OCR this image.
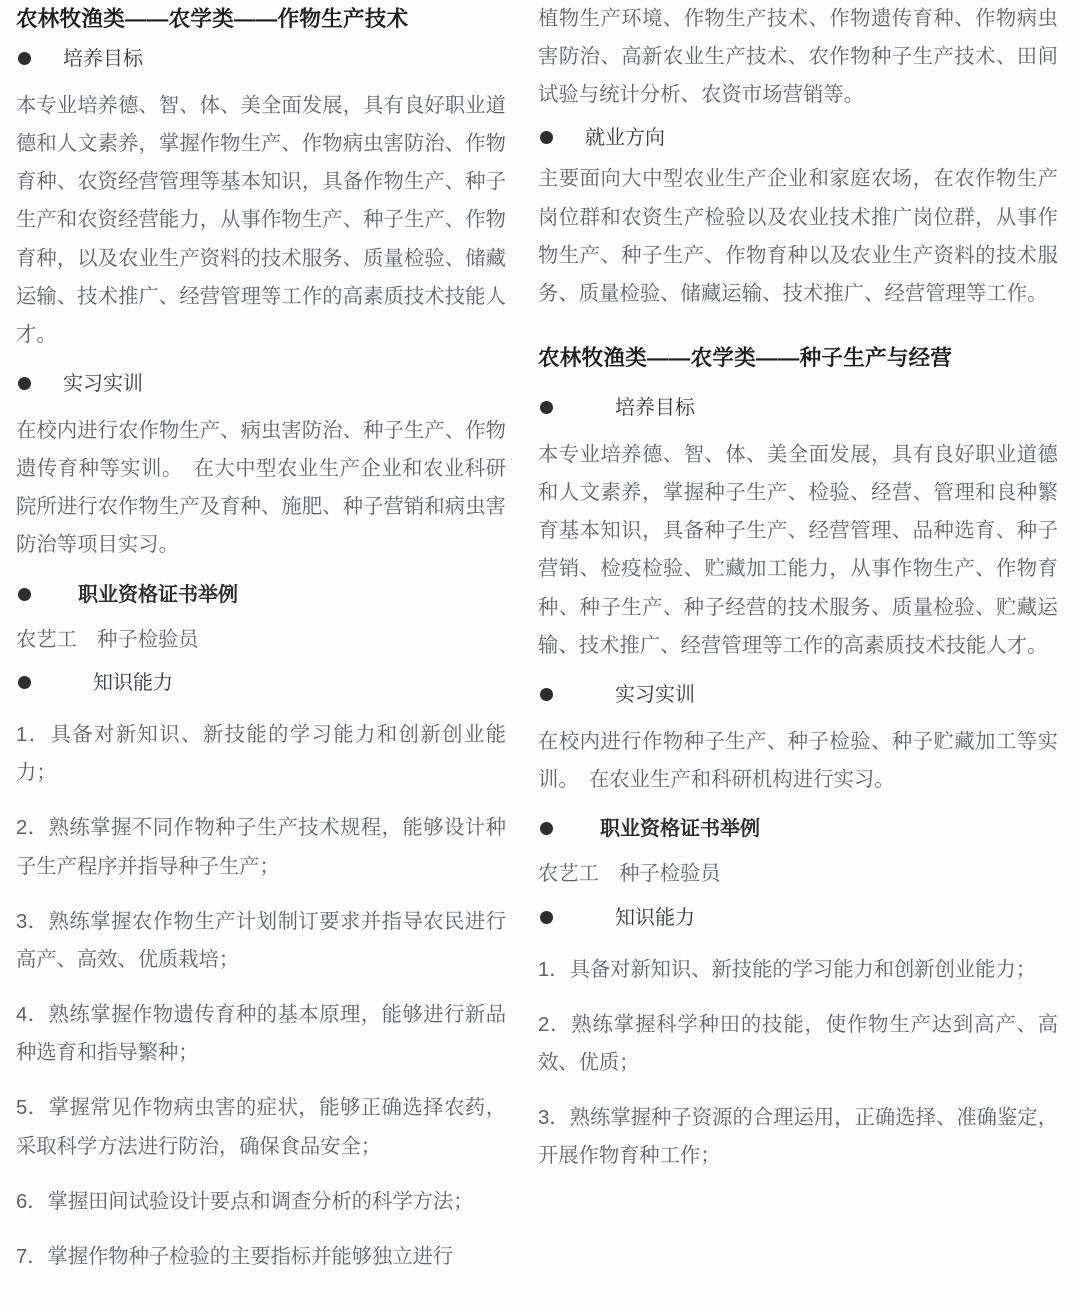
农林牧渔类——农学类——作物生产技术
培养目标

本专业培养德、智、体、美全面发展，具有良好职业道德和人文素养，掌握作物生产、作物病虫害防治、作物育种、农资经营管理等基本知识，具备作物生产、种子生产和农资经营能力，从事作物生产、种子生产、作物育种，以及农业生产资料的技术服务、质量检验、储藏运输、技术推广、经营管理等工作的高素质技术技能人才。

实习实训

在校内进行农作物生产、病虫害防治、种子生产、作物遗传育种等实训。　在大中型农业生产企业和农业科研院所进行农作物生产及育种、施肥、种子营销和病虫害防治等项目实习。

职业资格证书举例

农艺工　种子检验员

知识能力

1．具备对新知识、新技能的学习能力和创新创业能力；

2．熟练掌握不同作物种子生产技术规程，能够设计种子生产程序并指导种子生产；

3．熟练掌握农作物生产计划制订要求并指导农民进行高产、高效、优质栽培；

4．熟练掌握作物遗传育种的基本原理，能够进行新品种选育和指导繁种；

5．掌握常见作物病虫害的症状，能够正确选择农药，采取科学方法进行防治，确保食品安全；

6．掌握田间试验设计要点和调查分析的科学方法；

7．掌握作物种子检验的主要指标并能够独立进行

植物生产环境、作物生产技术、作物遗传育种、作物病虫害防治、高新农业生产技术、农作物种子生产技术、田间试验与统计分析、农资市场营销等。

就业方向

主要面向大中型农业生产企业和家庭农场，在农作物生产岗位群和农资生产检验以及农业技术推广岗位群，从事作物生产、种子生产、作物育种以及农业生产资料的技术服务、质量检验、储藏运输、技术推广、经营管理等工作。

农林牧渔类——农学类——种子生产与经营
培养目标

本专业培养德、智、体、美全面发展，具有良好职业道德和人文素养，掌握种子生产、检验、经营、管理和良种繁育基本知识，具备种子生产、经营管理、品种选育、种子营销、检疫检验、贮藏加工能力，从事作物生产、作物育种、种子生产、种子经营的技术服务、质量检验、贮藏运输、技术推广、经营管理等工作的高素质技术技能人才。

实习实训

在校内进行作物种子生产、种子检验、种子贮藏加工等实训。　在农业生产和科研机构进行实习。

职业资格证书举例

农艺工　种子检验员

知识能力

1．具备对新知识、新技能的学习能力和创新创业能力；

2．熟练掌握科学种田的技能，使作物生产达到高产、高效、优质；

3．熟练掌握种子资源的合理运用，正确选择、准确鉴定，开展作物育种工作；
